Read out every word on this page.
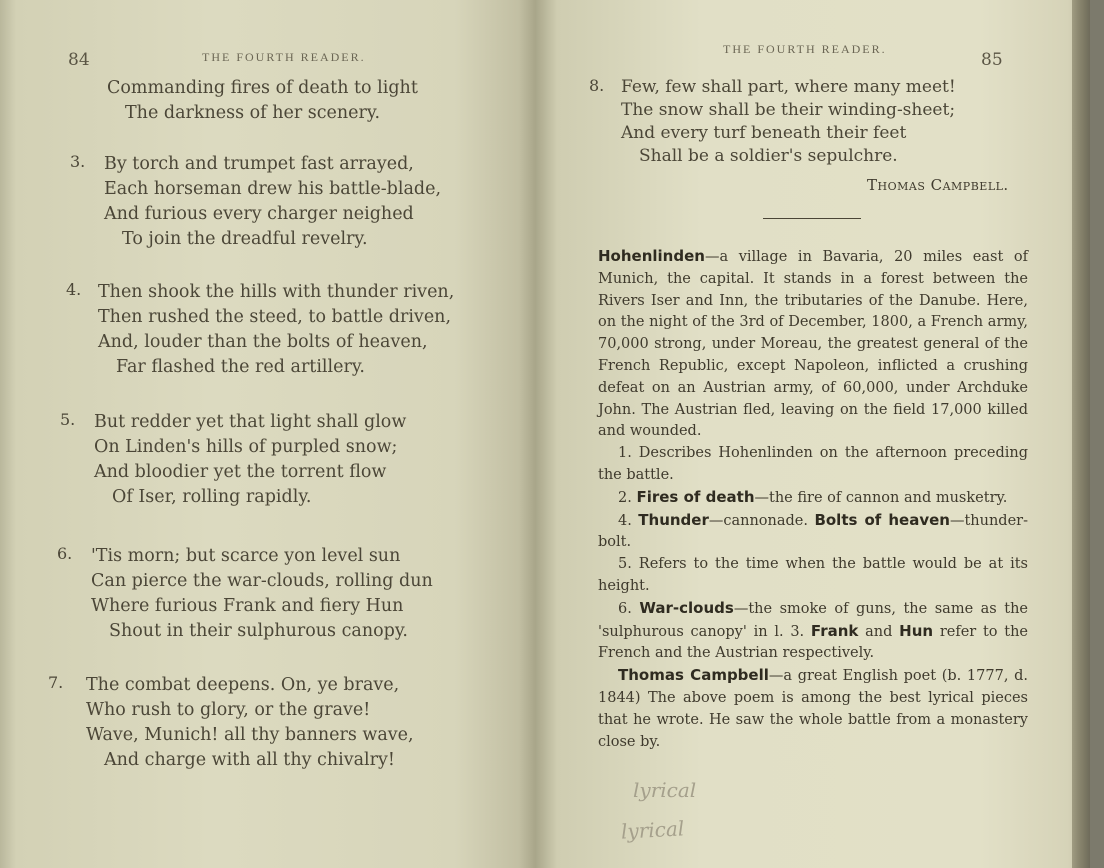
84	THE FOURTH READER.
Commanding fires of death to light
The darkness of her scenery.
3. By torch and trumpet fast arrayed,
Each horseman drew his battle-blade,
And furious every charger neighed
To join the dreadful revelry.
4. Then shook the hills with thunder riven,
Then rushed the steed, to battle driven,
And, louder than the bolts of heaven,
Far flashed the red artillery.
5. But redder yet that light shall glow
On Linden's hills of purpled snow;
And bloodier yet the torrent flow
Of Iser, rolling rapidly.
6. 'Tis morn; but scarce yon level sun
Can pierce the war-clouds, rolling dun
Where furious Frank and fiery Hun
Shout in their sulphurous canopy.
7. The combat deepens. On, ye brave,
Who rush to glory, or the grave!
Wave, Munich! all thy banners wave,
And charge with all thy chivalry!
THE FOURTH READER.
85
8. Few, few shall part, where many meet!
The snow shall be their winding-sheet;
And every turf beneath their feet
Shall be a soldier's sepulchre.
Thomas Campbell.

Hohenlinden—a village in Bavaria, 20 miles east of Munich, the capital. It stands in a forest between the Rivers Iser and Inn, the tributaries of the Danube. Here, on the night of the 3rd of December, 1800, a French army, 70,000 strong, under Moreau, the greatest general of the French Republic, except Napoleon, inflicted a crushing defeat on an Austrian army, of 60,000, under Archduke John. The Austrian fled, leaving on the field 17,000 killed and wounded.

1. Describes Hohenlinden on the afternoon preceding the battle.

2. Fires of death—the fire of cannon and musketry.

4. Thunder—cannonade. Bolts of heaven—thunder-bolt.

5. Refers to the time when the battle would be at its height.

6. War-clouds—the smoke of guns, the same as the 'sulphurous canopy' in l. 3. Frank and Hun refer to the French and the Austrian respectively.

Thomas Campbell—a great English poet (b. 1777, d. 1844) The above poem is among the best lyrical pieces that he wrote. He saw the whole battle from a monastery close by.

lyrical
lyrical
